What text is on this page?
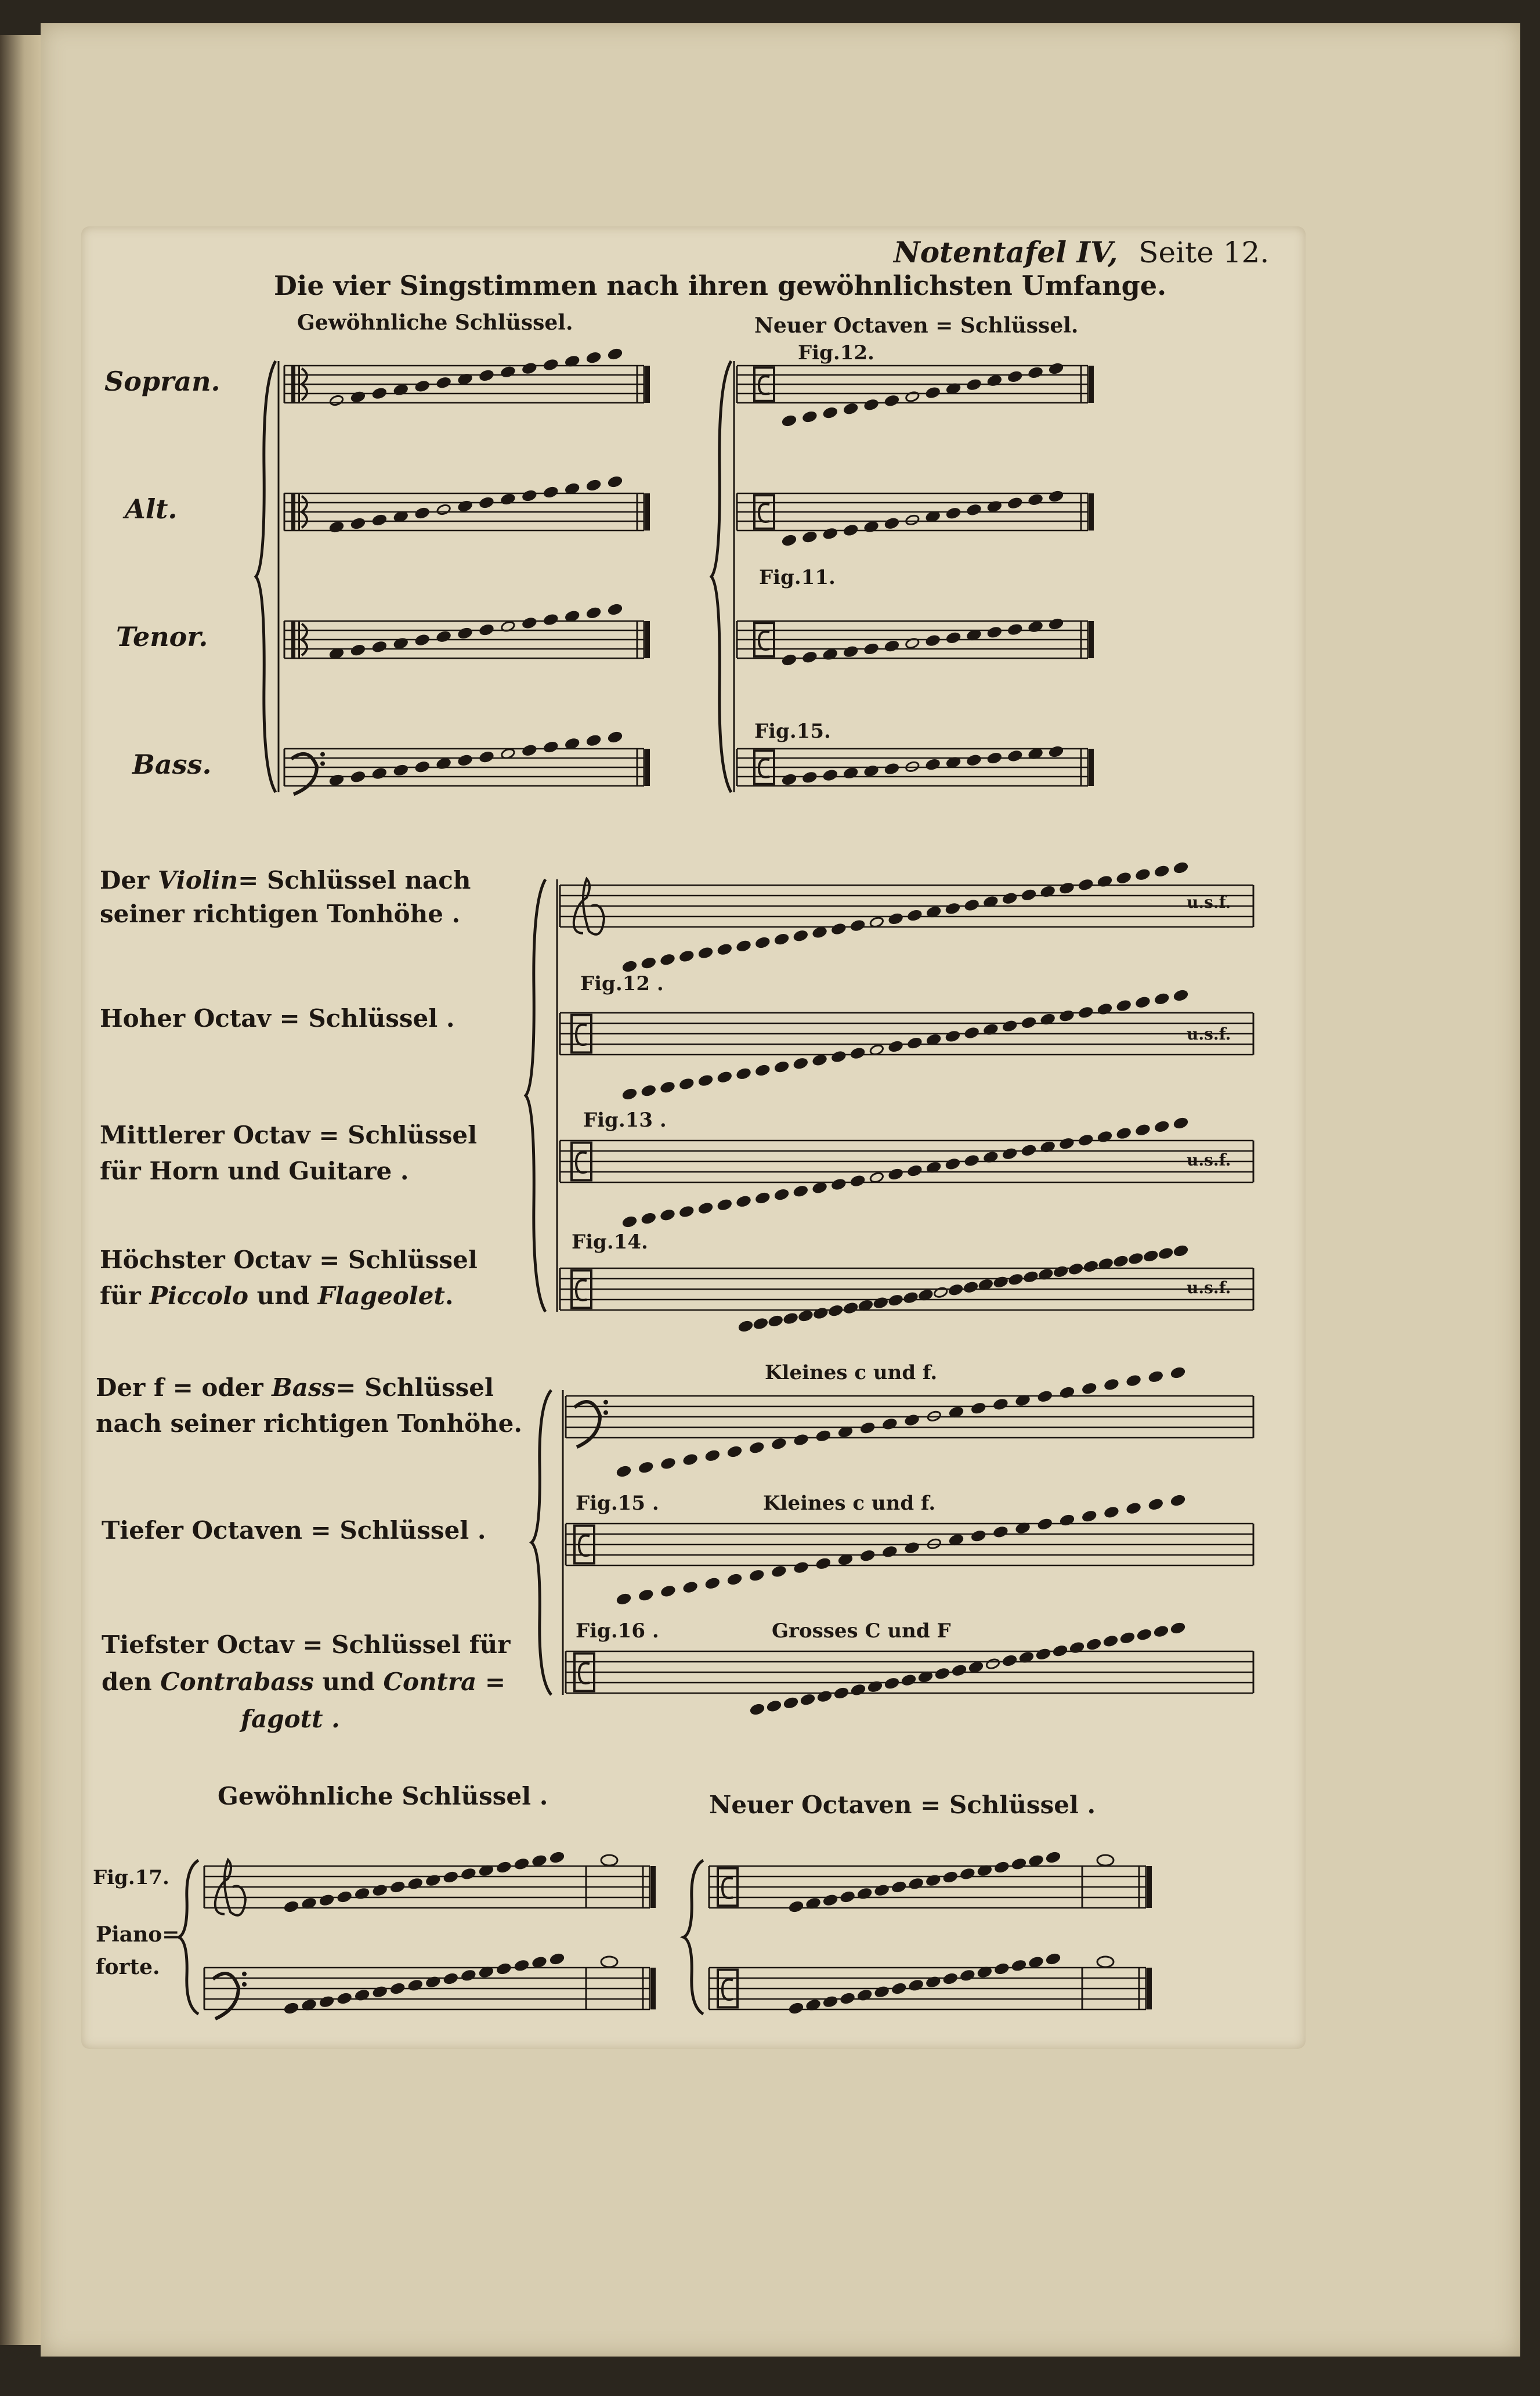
Notentafel IV, Seite 12.
Die vier Singstimmen nach ihren gewöhnlichsten Umfange.
Gewöhnliche Schlüssel.	Neuer Octaven = Schlüssel.
Sopran.
Alt.
Tenor.
Bass.
Fig.12.
Fig.11.
Fig.15.
Der Violin= Schlüssel nach
seiner richtigen Tonhöhe .
Hoher Octav = Schlüssel .
Mittlerer Octav = Schlüssel
für Horn und Guitare .
Höchster Octav = Schlüssel
für Piccolo und Flageolet.
Fig.12 .
Fig.13 .
Fig.14.
u.s.f.
u.s.f.
u.s.f.
u.s.f.
Der f = oder Bass= Schlüssel
nach seiner richtigen Tonhöhe.
Tiefer Octaven = Schlüssel .
Tiefster Octav = Schlüssel für
den Contrabass und Contra =
fagott .
Fig.15 .
Fig.16 .
Kleines c und f.
Kleines c und f.
Grosses C und F
Gewöhnliche Schlüssel .	Neuer Octaven = Schlüssel .
Fig.17.
Piano=
forte.
